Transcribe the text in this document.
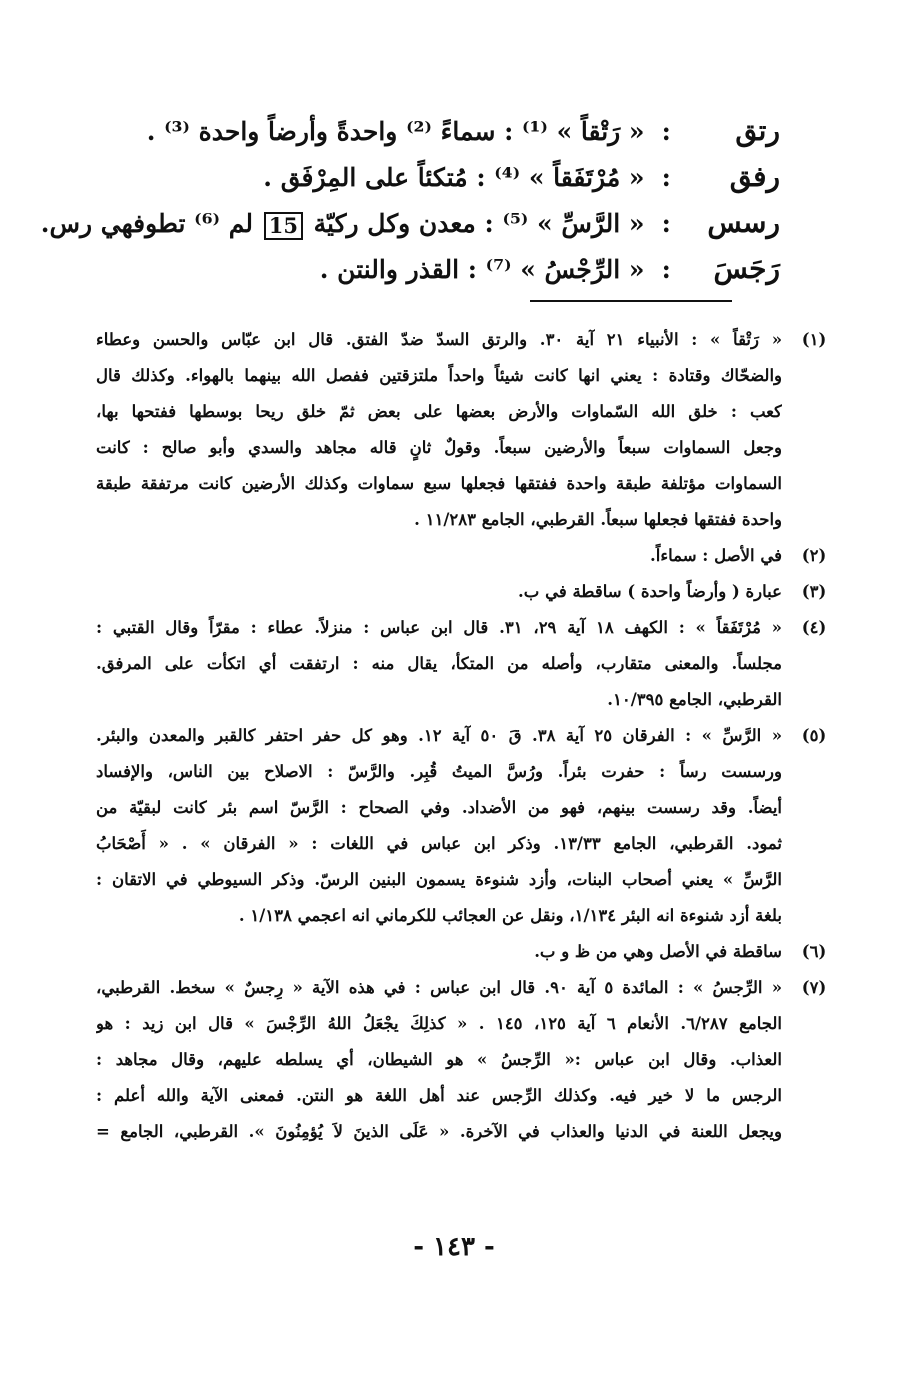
رتق : « رَتْقاً » ⁽¹⁾ : سماءً ⁽²⁾ واحدةً وأرضاً واحدة ⁽³⁾ .
رفق : « مُرْتَفَقاً » ⁽⁴⁾ : مُتكئاً على المِرْفَق .
رسس : « الرَّسِّ » ⁽⁵⁾ : معدن وكل ركيّة 15 لم ⁽⁶⁾ تطوفهي رس.
رَجَسَ : « الرِّجْسُ » ⁽⁷⁾ : القذر والنتن .
(١)
« رَتْقاً » : الأنبياء ٢١ آية ٣٠. والرتق السدّ ضدّ الفتق. قال ابن عبّاس والحسن وعطاء
والضحّاك وقتادة : يعني انها كانت شيئاً واحداً ملتزقتين ففصل الله بينهما بالهواء. وكذلك قال
كعب : خلق الله السّماوات والأرض بعضها على بعض ثمّ خلق ريحا بوسطها ففتحها بها،
وجعل السماوات سبعاً والأرضين سبعاً. وقولٌ ثانٍ قاله مجاهد والسدي وأبو صالح : كانت
السماوات مؤتلفة طبقة واحدة ففتقها فجعلها سبع سماوات وكذلك الأرضين كانت مرتفقة طبقة
واحدة ففتقها فجعلها سبعاً. القرطبي، الجامع ١١/٢٨٣ .
(٢)
في الأصل : سماءاً.
(٣)
عبارة ( وأرضاً واحدة ) ساقطة في ب.
(٤)
« مُرْتَفَقاً » : الكهف ١٨ آية ٢٩، ٣١. قال ابن عباس : منزلاً. عطاء : مقرّاً وقال القتبي :
مجلساً. والمعنى متقارب، وأصله من المتكأ، يقال منه : ارتفقت أي اتكأت على المرفق.
القرطبي، الجامع ١٠/٣٩٥.
(٥)
« الرَّسِّ » : الفرقان ٢٥ آية ٣٨. قَ ٥٠ آية ١٢. وهو كل حفر احتفر كالقبر والمعدن والبئر.
ورسست رساً : حفرت بئراً. ورُسَّ الميتُ قُبِر. والرَّسّ : الاصلاح بين الناس، والإفساد
أيضاً. وقد رسست بينهم، فهو من الأضداد. وفي الصحاح : الرَّسّ اسم بئر كانت لبقيّة من
ثمود. القرطبي، الجامع ١٣/٣٣. وذكر ابن عباس في اللغات : « الفرقان » . « أَصْحَابُ
الرَّسِّ » يعني أصحاب البنات، وأزد شنوءة يسمون البنين الرسّ. وذكر السيوطي في الاتقان :
بلغة أزد شنوءة انه البئر ١/١٣٤، ونقل عن العجائب للكرماني انه اعجمي ١/١٣٨ .
(٦)
ساقطة في الأصل وهي من ظ و ب.
(٧)
« الرِّجسُ » : المائدة ٥ آية ٩٠. قال ابن عباس : في هذه الآية « رِجسٌ » سخط. القرطبي،
الجامع ٦/٢٨٧. الأنعام ٦ آية ١٢٥، ١٤٥ . « كذلِكَ يجْعَلُ اللهُ الرِّجْسَ » قال ابن زيد : هو
العذاب. وقال ابن عباس :« الرِّجسُ » هو الشيطان، أي يسلطه عليهم، وقال مجاهد :
الرجس ما لا خير فيه. وكذلك الرِّجس عند أهل اللغة هو النتن. فمعنى الآية والله أعلم :
ويجعل اللعنة في الدنيا والعذاب في الآخرة. « عَلَى الذينَ لاَ يُؤمِنُونَ ». القرطبي، الجامع =
- ١٤٣ -
